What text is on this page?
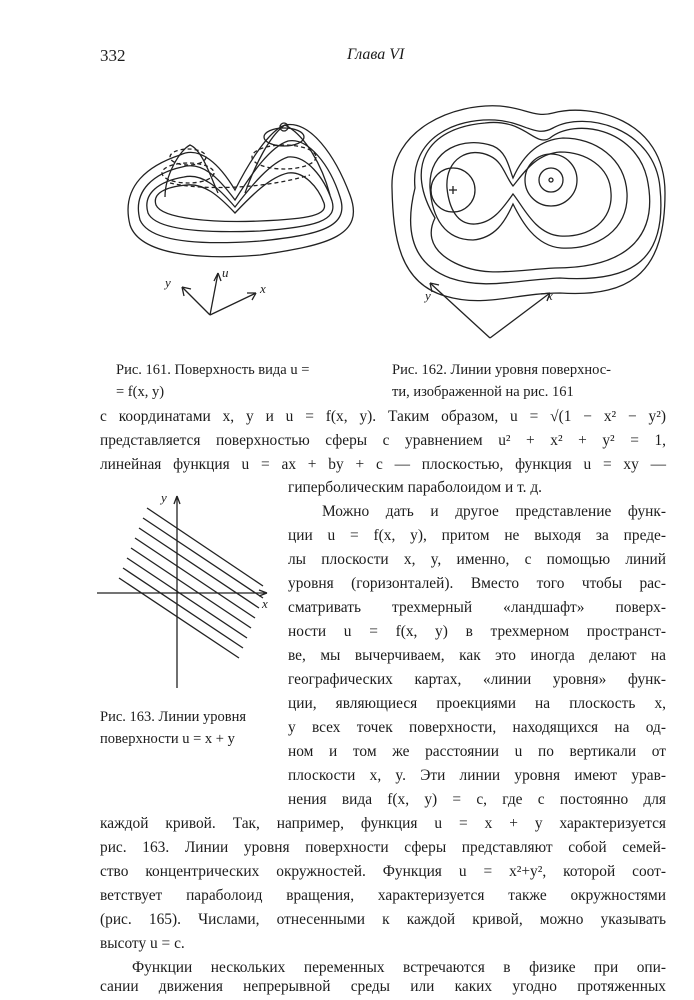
332	Глава VI
y
u
x
Рис. 161. Поверхность вида u =
= f(x, y)
y	x
Рис. 162. Линии уровня поверхнос-
ти, изображенной на рис. 161
y
x
Рис. 163. Линии уровня
поверхности u = x + y
с координатами x, y и u = f(x, y). Таким образом, u = √(1 − x² − y²)
представляется поверхностью сферы с уравнением u² + x² + y² = 1,
линейная функция u = ax + by + c — плоскостью, функция u = xy —
гиперболическим параболоидом и т. д.
Можно дать и другое представление функ-
ции u = f(x, y), притом не выходя за преде-
лы плоскости x, y, именно, с помощью линий
уровня (горизонталей). Вместо того чтобы рас-
сматривать трехмерный «ландшафт» поверх-
ности u = f(x, y) в трехмерном пространст-
ве, мы вычерчиваем, как это иногда делают на
географических картах, «линии уровня» функ-
ции, являющиеся проекциями на плоскость x,
y всех точек поверхности, находящихся на од-
ном и том же расстоянии u по вертикали от
плоскости x, y. Эти линии уровня имеют урав-
нения вида f(x, y) = c, где c постоянно для
каждой кривой. Так, например, функция u = x + y характеризуется
рис. 163. Линии уровня поверхности сферы представляют собой семей-
ство концентрических окружностей. Функция u = x²+y², которой соот-
ветствует параболоид вращения, характеризуется также окружностями
(рис. 165). Числами, отнесенными к каждой кривой, можно указывать
высоту u = c.
Функции нескольких переменных встречаются в физике при опи-
сании движения непрерывной среды или каких угодно протяженных
